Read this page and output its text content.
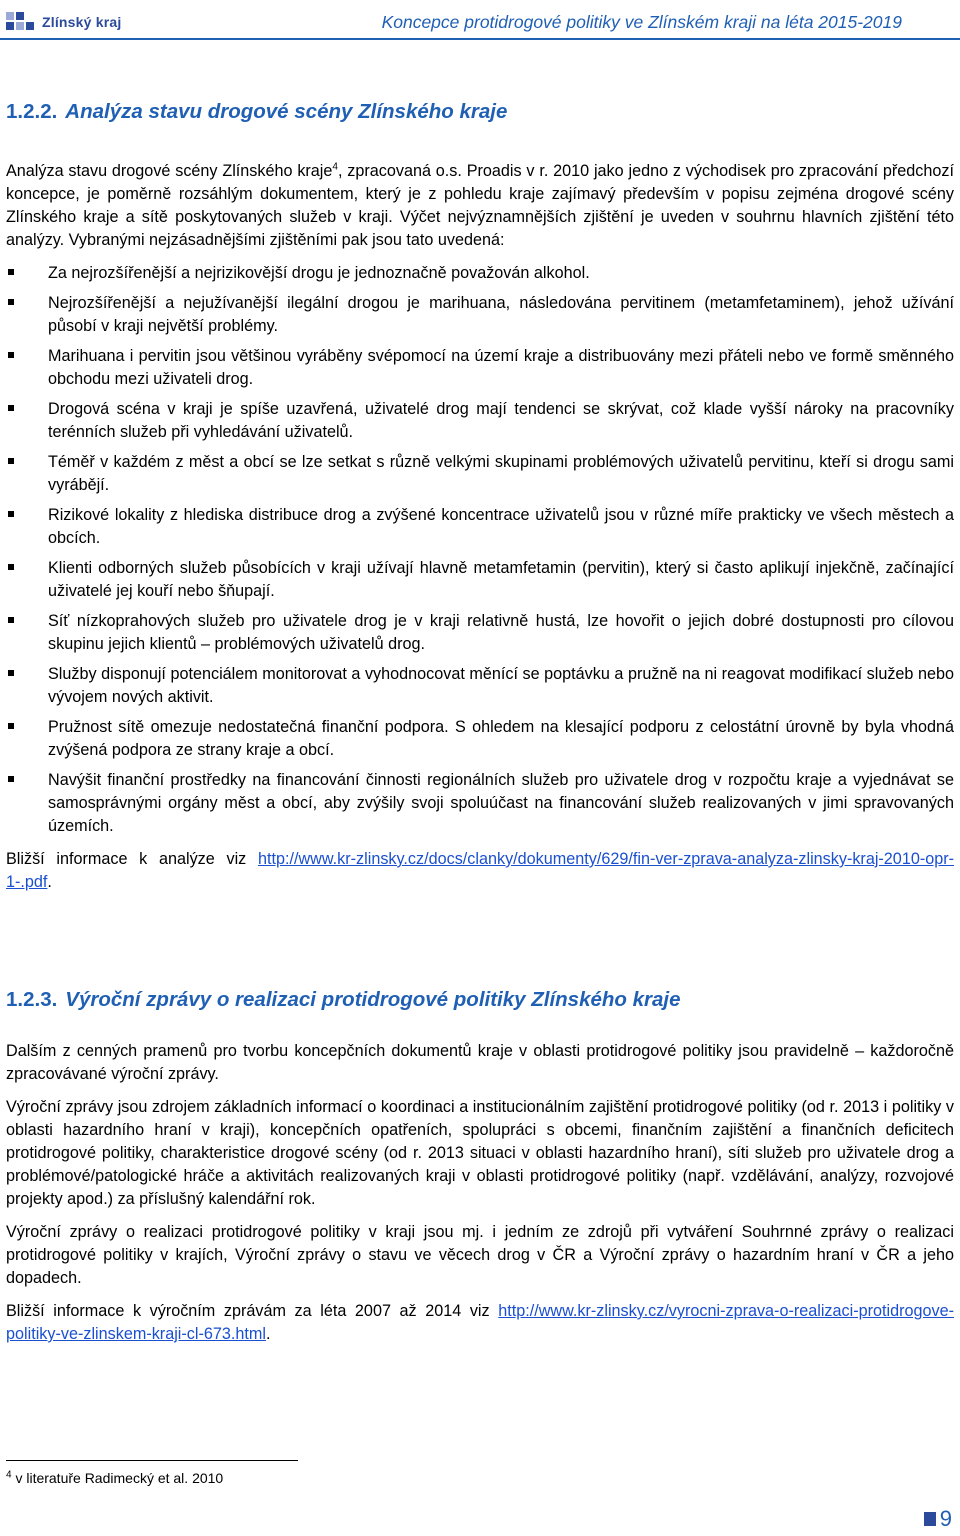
Zlínský kraj	Koncepce protidrogové politiky ve Zlínském kraji na léta 2015-2019
1.2.2. Analýza stavu drogové scény Zlínského kraje

Analýza stavu drogové scény Zlínského kraje$^4$, zpracovaná o.s. Proadis v r. 2010 jako jedno z východisek pro zpracování předchozí koncepce, je poměrně rozsáhlým dokumentem, který je z pohledu kraje zajímavý především v popisu zejména drogové scény Zlínského kraje a sítě poskytovaných služeb v kraji. Výčet nejvýznamnějších zjištění je uveden v souhrnu hlavních zjištění této analýzy. Vybranými nejzásadnějšími zjištěními pak jsou tato uvedená:

Za nejrozšířenější a nejrizikovější drogu je jednoznačně považován alkohol.
Nejrozšířenější a nejužívanější ilegální drogou je marihuana, následována pervitinem (metamfetaminem), jehož užívání působí v kraji největší problémy.
Marihuana i pervitin jsou většinou vyráběny svépomocí na území kraje a distribuovány mezi přáteli nebo ve formě směnného obchodu mezi uživateli drog.
Drogová scéna v kraji je spíše uzavřená, uživatelé drog mají tendenci se skrývat, což klade vyšší nároky na pracovníky terénních služeb při vyhledávání uživatelů.
Téměř v každém z měst a obcí se lze setkat s různě velkými skupinami problémových uživatelů pervitinu, kteří si drogu sami vyrábějí.
Rizikové lokality z hlediska distribuce drog a zvýšené koncentrace uživatelů jsou v různé míře prakticky ve všech městech a obcích.
Klienti odborných služeb působících v kraji užívají hlavně metamfetamin (pervitin), který si často aplikují injekčně, začínající uživatelé jej kouří nebo šňupají.
Síť nízkoprahových služeb pro uživatele drog je v kraji relativně hustá, lze hovořit o jejich dobré dostupnosti pro cílovou skupinu jejich klientů – problémových uživatelů drog.
Služby disponují potenciálem monitorovat a vyhodnocovat měnící se poptávku a pružně na ni reagovat modifikací služeb nebo vývojem nových aktivit.
Pružnost sítě omezuje nedostatečná finanční podpora. S ohledem na klesající podporu z celostátní úrovně by byla vhodná zvýšená podpora ze strany kraje a obcí.
Navýšit finanční prostředky na financování činnosti regionálních služeb pro uživatele drog v rozpočtu kraje a vyjednávat se samosprávnými orgány měst a obcí, aby zvýšily svoji spoluúčast na financování služeb realizovaných v jimi spravovaných územích.

Bližší informace k analýze viz http://www.kr-zlinsky.cz/docs/clanky/dokumenty/629/fin-ver-zprava-analyza-zlinsky-kraj-2010-opr-1-.pdf.

1.2.3. Výroční zprávy o realizaci protidrogové politiky Zlínského kraje

Dalším z cenných pramenů pro tvorbu koncepčních dokumentů kraje v oblasti protidrogové politiky jsou pravidelně – každoročně zpracovávané výroční zprávy.

Výroční zprávy jsou zdrojem základních informací o koordinaci a institucionálním zajištění protidrogové politiky (od r. 2013 i politiky v oblasti hazardního hraní v kraji), koncepčních opatřeních, spolupráci s obcemi, finančním zajištění a finančních deficitech protidrogové politiky, charakteristice drogové scény (od r. 2013 situaci v oblasti hazardního hraní), síti služeb pro uživatele drog a problémové/patologické hráče a aktivitách realizovaných kraji v oblasti protidrogové politiky (např. vzdělávání, analýzy, rozvojové projekty apod.) za příslušný kalendářní rok.

Výroční zprávy o realizaci protidrogové politiky v kraji jsou mj. i jedním ze zdrojů při vytváření Souhrnné zprávy o realizaci protidrogové politiky v krajích, Výroční zprávy o stavu ve věcech drog v ČR a Výroční zprávy o hazardním hraní v ČR a jeho dopadech.

Bližší informace k výročním zprávám za léta 2007 až 2014 viz http://www.kr-zlinsky.cz/vyrocni-zprava-o-realizaci-protidrogove-politiky-ve-zlinskem-kraji-cl-673.html.

$^4$ v literatuře Radimecký et al. 2010
9
